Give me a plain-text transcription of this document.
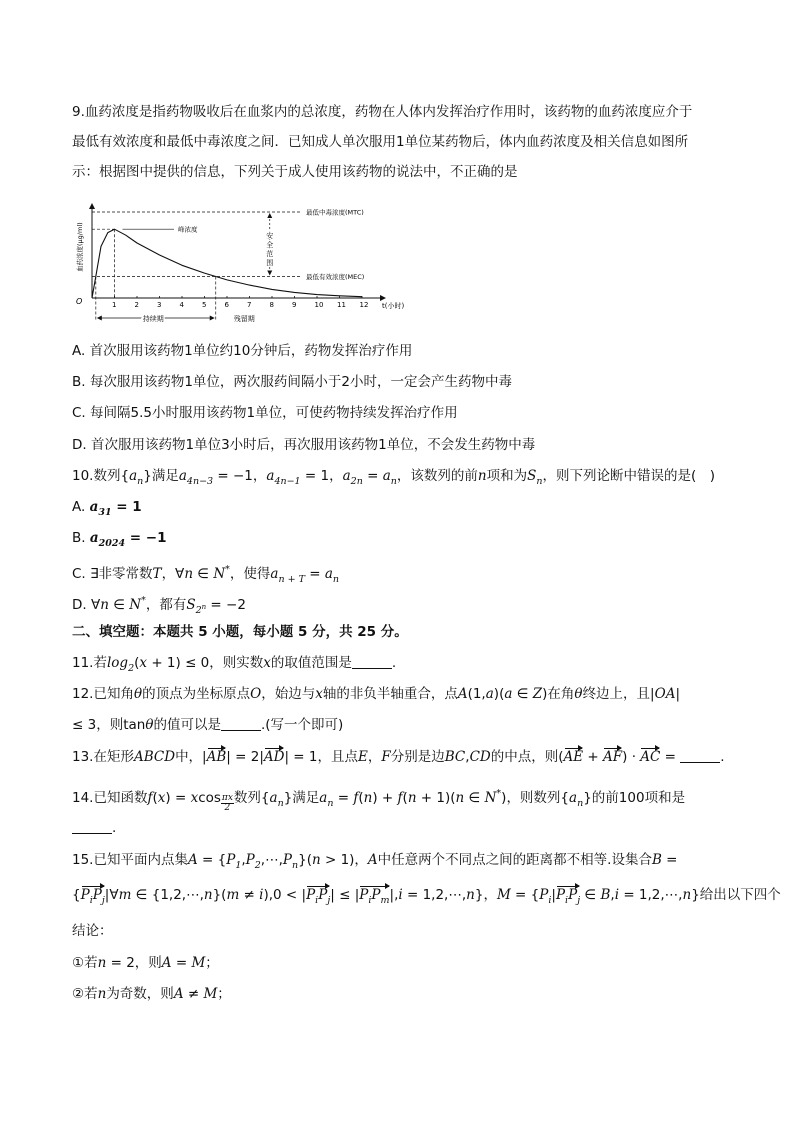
9.血药浓度是指药物吸收后在血浆内的总浓度，药物在人体内发挥治疗作用时，该药物的血药浓度应介于
最低有效浓度和最低中毒浓度之间．已知成人单次服用1单位某药物后，体内血药浓度及相关信息如图所
示：根据图中提供的信息，下列关于成人使用该药物的说法中，不正确的是
O	t(小时)
血药浓度(μg/ml)
1	2	3	4	5	6	7	8	9	10 11 12
最低中毒浓度(MTC)
最低有效浓度(MEC)
峰浓度
安
全
范
围
持续期	残留期
A. 首次服用该药物1单位约10分钟后，药物发挥治疗作用
B. 每次服用该药物1单位，两次服药间隔小于2小时，一定会产生药物中毒
C. 每间隔5.5小时服用该药物1单位，可使药物持续发挥治疗作用
D. 首次服用该药物1单位3小时后，再次服用该药物1单位，不会发生药物中毒
10.数列$\{a_n\}$满足$a_{4n-3} = -1$，$a_{4n-1} = 1$，$a_{2n} = a_n$，该数列的前n项和为$S_n$，则下列论断中错误的是(　)
A. $a_{31} = 1$
B. $a_{2024} = -1$
C. ∃非零常数T，∀n ∈ N*，使得$a_{n + T} = a_n$
D. ∀n ∈ N*，都有$S_{2^n} = -2$
二、填空题：本题共 5 小题，每小题 5 分，共 25 分。
11.若$\log_2(x + 1) \le 0$，则实数x的取值范围是	.
12.已知角θ的顶点为坐标原点O，始边与x轴的非负半轴重合，点A(1,a)(a ∈ Z)在角θ终边上，且|OA|
≤ 3，则tanθ的值可以是	.(写一个即可)
13.在矩形ABCD中，|AB| = 2|AD| = 1，且点E，F分别是边BC,CD的中点，则(AE + AF) · AC =	.
14.已知函数f(x) = xcos $\frac{\pi x}{2}$ 数列$\{a_n\}$满足$a_n = f(n) + f(n + 1)(n$ ∈ N*)，则数列$\{a_n\}$的前100项和是
.
15.已知平面内点集$A = \{P_1,P_2,\cdots,P_n\}(n > 1)$，A中任意两个不同点之间的距离都不相等.设集合B =
{$P_iP_j|\forall m$ ∈ {1,2,⋯,n}(m ≠ $i),0 < |P_iP_j| \le |P_iP_m|,i$ = 1,2,⋯,n}，$M = \{P_i|P_iP_j$ ∈ B,i = 1,2,⋯,n}给出以下四个
结论：
①若n = 2，则A = M；
②若n为奇数，则A ≠ M；
